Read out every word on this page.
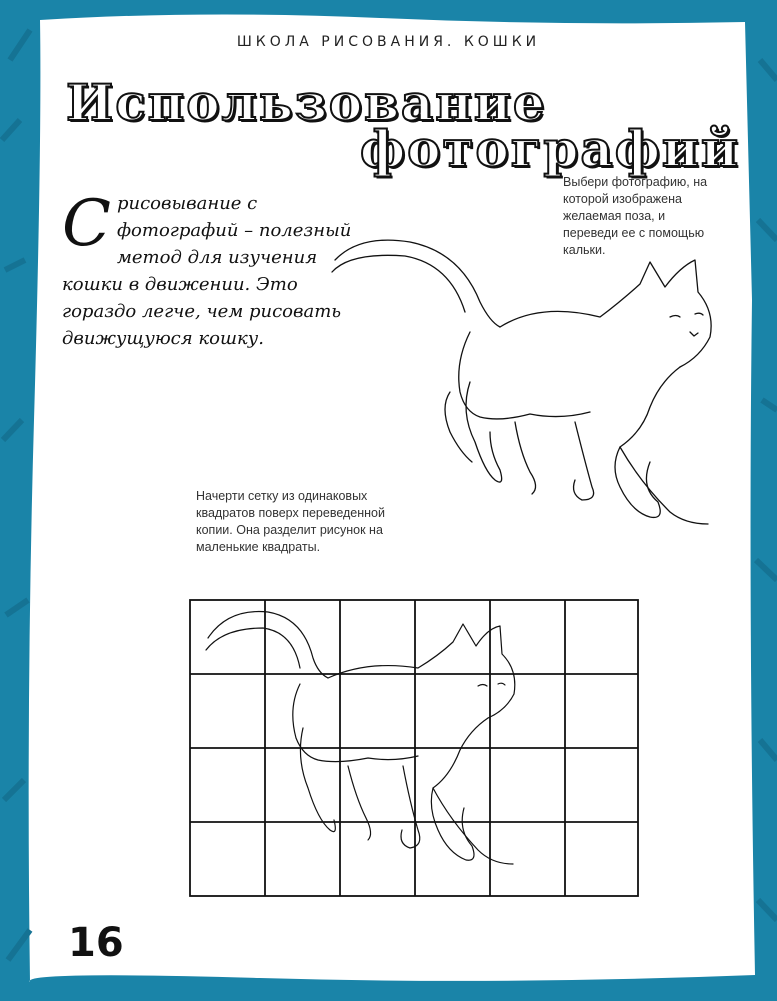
ШКОЛА РИСОВАНИЯ. КОШКИ
Использование
фотографий
С рисовывание с фотографий – полезный метод для изучения кошки в движении. Это гораздо легче, чем рисовать движущуюся кошку.
Выбери фотографию, на которой изображена желаемая поза, и переведи ее с помощью кальки.
Начерти сетку из одинаковых квадратов поверх переведенной копии. Она разделит рисунок на маленькие квадраты.
16
